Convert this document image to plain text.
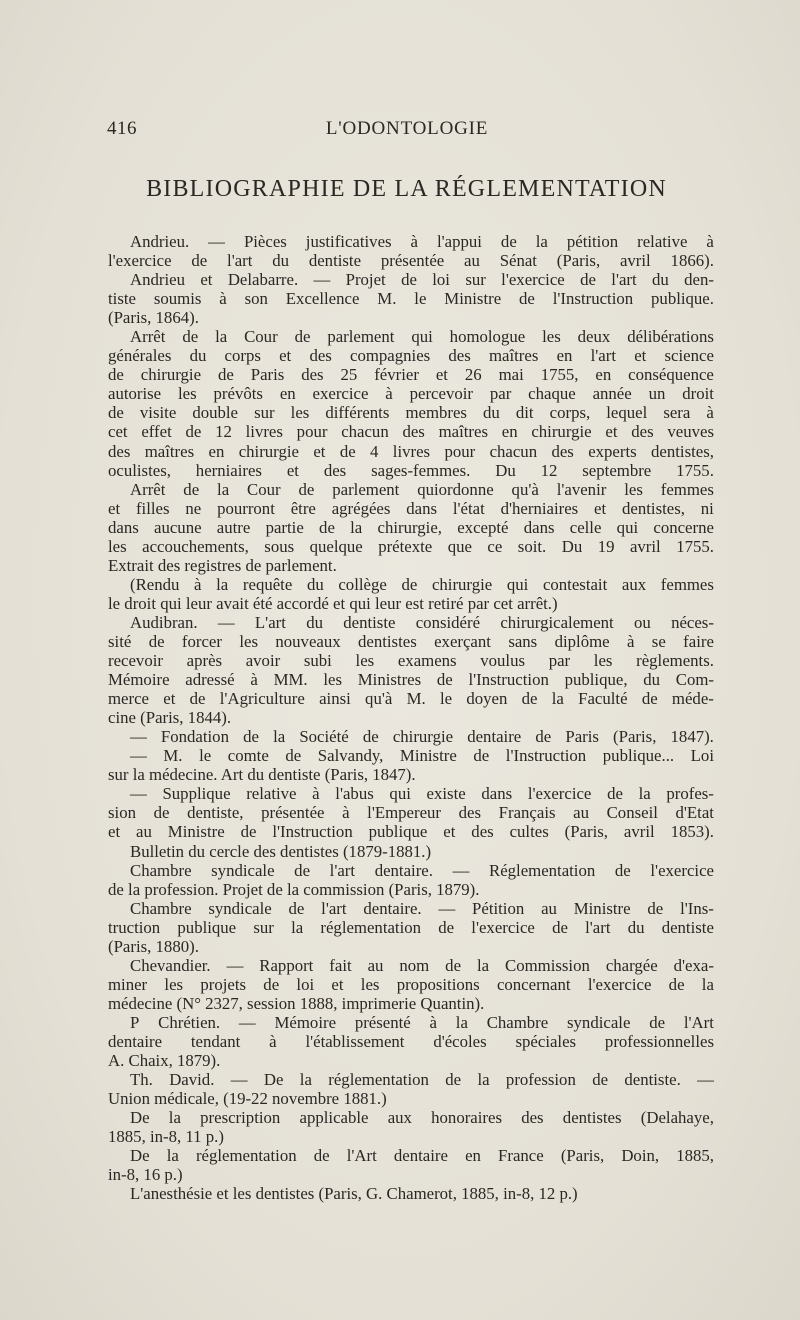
416	L'ODONTOLOGIE
BIBLIOGRAPHIE DE LA RÉGLEMENTATION
Andrieu. — Pièces justificatives à l'appui de la pétition relative à
l'exercice de l'art du dentiste présentée au Sénat (Paris, avril 1866).
Andrieu et Delabarre. — Projet de loi sur l'exercice de l'art du den-
tiste soumis à son Excellence M. le Ministre de l'Instruction publique.
(Paris, 1864).
Arrêt de la Cour de parlement qui homologue les deux délibérations
générales du corps et des compagnies des maîtres en l'art et science
de chirurgie de Paris des 25 février et 26 mai 1755, en conséquence
autorise les prévôts en exercice à percevoir par chaque année un droit
de visite double sur les différents membres du dit corps, lequel sera à
cet effet de 12 livres pour chacun des maîtres en chirurgie et des veuves
des maîtres en chirurgie et de 4 livres pour chacun des experts dentistes,
oculistes, herniaires et des sages-femmes. Du 12 septembre 1755.
Arrêt de la Cour de parlement quiordonne qu'à l'avenir les femmes
et filles ne pourront être agrégées dans l'état d'herniaires et dentistes, ni
dans aucune autre partie de la chirurgie, excepté dans celle qui concerne
les accouchements, sous quelque prétexte que ce soit. Du 19 avril 1755.
Extrait des registres de parlement.
(Rendu à la requête du collège de chirurgie qui contestait aux femmes
le droit qui leur avait été accordé et qui leur est retiré par cet arrêt.)
Audibran. — L'art du dentiste considéré chirurgicalement ou néces-
sité de forcer les nouveaux dentistes exerçant sans diplôme à se faire
recevoir après avoir subi les examens voulus par les règlements.
Mémoire adressé à MM. les Ministres de l'Instruction publique, du Com-
merce et de l'Agriculture ainsi qu'à M. le doyen de la Faculté de méde-
cine (Paris, 1844).
— Fondation de la Société de chirurgie dentaire de Paris (Paris, 1847).
— M. le comte de Salvandy, Ministre de l'Instruction publique... Loi
sur la médecine. Art du dentiste (Paris, 1847).
— Supplique relative à l'abus qui existe dans l'exercice de la profes-
sion de dentiste, présentée à l'Empereur des Français au Conseil d'Etat
et au Ministre de l'Instruction publique et des cultes (Paris, avril 1853).
Bulletin du cercle des dentistes (1879-1881.)
Chambre syndicale de l'art dentaire. — Réglementation de l'exercice
de la profession. Projet de la commission (Paris, 1879).
Chambre syndicale de l'art dentaire. — Pétition au Ministre de l'Ins-
truction publique sur la réglementation de l'exercice de l'art du dentiste
(Paris, 1880).
Chevandier. — Rapport fait au nom de la Commission chargée d'exa-
miner les projets de loi et les propositions concernant l'exercice de la
médecine (N° 2327, session 1888, imprimerie Quantin).
P Chrétien. — Mémoire présenté à la Chambre syndicale de l'Art
dentaire tendant à l'établissement d'écoles spéciales professionnelles
A. Chaix, 1879).
Th. David. — De la réglementation de la profession de dentiste. —
Union médicale, (19-22 novembre 1881.)
De la prescription applicable aux honoraires des dentistes (Delahaye,
1885, in-8, 11 p.)
De la réglementation de l'Art dentaire en France (Paris, Doin, 1885,
in-8, 16 p.)
L'anesthésie et les dentistes (Paris, G. Chamerot, 1885, in-8, 12 p.)
